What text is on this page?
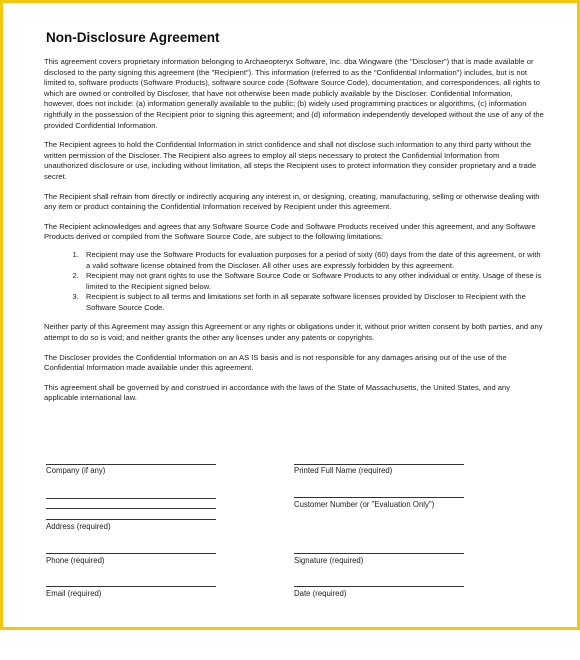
Non-Disclosure Agreement

This agreement covers proprietary information belonging to Archaeopteryx Software, Inc. dba Wingware (the "Discloser") that is made available or disclosed to the party signing this agreement (the "Recipient"). This information (referred to as the "Confidential Information") includes, but is not limited to, software products (Software Products), software source code (Software Source Code), documentation, and correspondences, all rights to which are owned or controlled by Discloser, that have not otherwise been made publicly available by the Discloser. Confidential Information, however, does not include: (a) information generally available to the public; (b) widely used programming practices or algorithms, (c) information rightfully in the possession of the Recipient prior to signing this agreement; and (d) information independently developed without the use of any of the provided Confidential Information.

The Recipient agrees to hold the Confidential Information in strict confidence and shall not disclose such information to any third party without the written permission of the Discloser. The Recipient also agrees to employ all steps necessary to protect the Confidential Information from unauthorized disclosure or use, including without limitation, all steps the Recipient uses to protect information they consider proprietary and a trade secret.

The Recipient shall refrain from directly or indirectly acquiring any interest in, or designing, creating, manufacturing, selling or otherwise dealing with any item or product containing the Confidential Information received by Recipient under this agreement.

The Recipient acknowledges and agrees that any Software Source Code and Software Products received under this agreement, and any Software Products derived or compiled from the Software Source Code, are subject to the following limitations:

1. Recipient may use the Software Products for evaluation purposes for a period of sixty (60) days from the date of this agreement, or with a valid software license obtained from the Discloser. All other uses are expressly forbidden by this agreement.
2. Recipient may not grant rights to use the Software Source Code or Software Products to any other individual or entity. Usage of these is limited to the Recipient signed below.
3. Recipient is subject to all terms and limitations set forth in all separate software licenses provided by Discloser to Recipient with the Software Source Code.

Neither party of this Agreement may assign this Agreement or any rights or obligations under it, without prior written consent by both parties, and any attempt to do so is void; and neither grants the other any licenses under any patents or copyrights.

The Discloser provides the Confidential Information on an AS IS basis and is not responsible for any damages arising out of the use of the Confidential Information made available under this agreement.

This agreement shall be governed by and construed in accordance with the laws of the State of Massachusetts, the United States, and any applicable international law.

Company (if any)
Address (required)
Phone (required)
Email (required)
Printed Full Name (required)
Customer Number (or "Evaluation Only")
Signature (required)
Date (required)
